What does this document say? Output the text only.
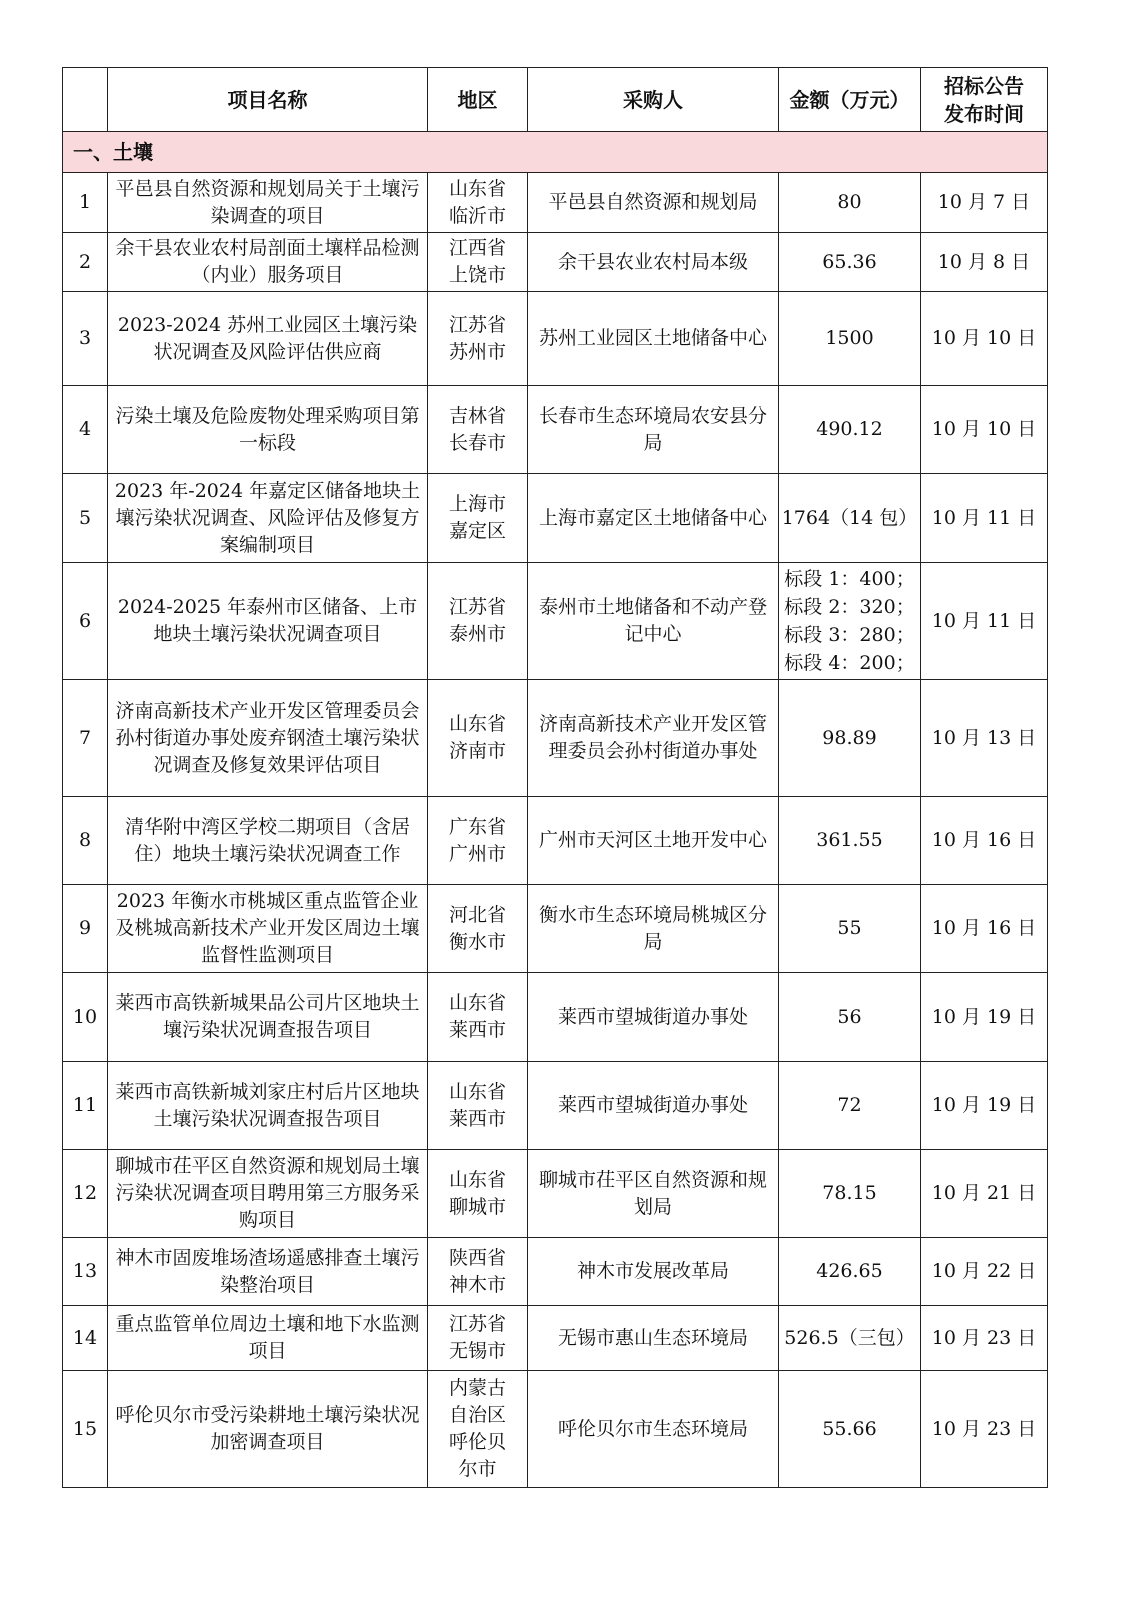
	项目名称	地区	采购人	金额（万元）	招标公告发布时间
一、土壤					
1	平邑县自然资源和规划局关于土壤污染调查的项目	山东省临沂市	平邑县自然资源和规划局	80	10 月 7 日
2	余干县农业农村局剖面土壤样品检测（内业）服务项目	江西省上饶市	余干县农业农村局本级	65.36	10 月 8 日
3	2023-2024 苏州工业园区土壤污染状况调查及风险评估供应商	江苏省苏州市	苏州工业园区土地储备中心	1500	10 月 10 日
4	污染土壤及危险废物处理采购项目第一标段	吉林省长春市	长春市生态环境局农安县分局	490.12	10 月 10 日
5	2023 年-2024 年嘉定区储备地块土壤污染状况调查、风险评估及修复方案编制项目	上海市嘉定区	上海市嘉定区土地储备中心	1764（14 包）	10 月 11 日
6	2024-2025 年泰州市区储备、上市地块土壤污染状况调查项目	江苏省泰州市	泰州市土地储备和不动产登记中心	标段 1：400；
标段 2：320；
标段 3：280；
标段 4：200；	10 月 11 日
7	济南高新技术产业开发区管理委员会孙村街道办事处废弃钢渣土壤污染状况调查及修复效果评估项目	山东省济南市	济南高新技术产业开发区管理委员会孙村街道办事处	98.89	10 月 13 日
8	清华附中湾区学校二期项目（含居住）地块土壤污染状况调查工作	广东省广州市	广州市天河区土地开发中心	361.55	10 月 16 日
9	2023 年衡水市桃城区重点监管企业及桃城高新技术产业开发区周边土壤监督性监测项目	河北省衡水市	衡水市生态环境局桃城区分局	55	10 月 16 日
10	莱西市高铁新城果品公司片区地块土壤污染状况调查报告项目	山东省莱西市	莱西市望城街道办事处	56	10 月 19 日
11	莱西市高铁新城刘家庄村后片区地块土壤污染状况调查报告项目	山东省莱西市	莱西市望城街道办事处	72	10 月 19 日
12	聊城市茌平区自然资源和规划局土壤污染状况调查项目聘用第三方服务采购项目	山东省聊城市	聊城市茌平区自然资源和规划局	78.15	10 月 21 日
13	神木市固废堆场渣场遥感排查土壤污染整治项目	陕西省神木市	神木市发展改革局	426.65	10 月 22 日
14	重点监管单位周边土壤和地下水监测项目	江苏省无锡市	无锡市惠山生态环境局	526.5（三包）	10 月 23 日
15	呼伦贝尔市受污染耕地土壤污染状况加密调查项目	内蒙古自治区呼伦贝尔市	呼伦贝尔市生态环境局	55.66	10 月 23 日
